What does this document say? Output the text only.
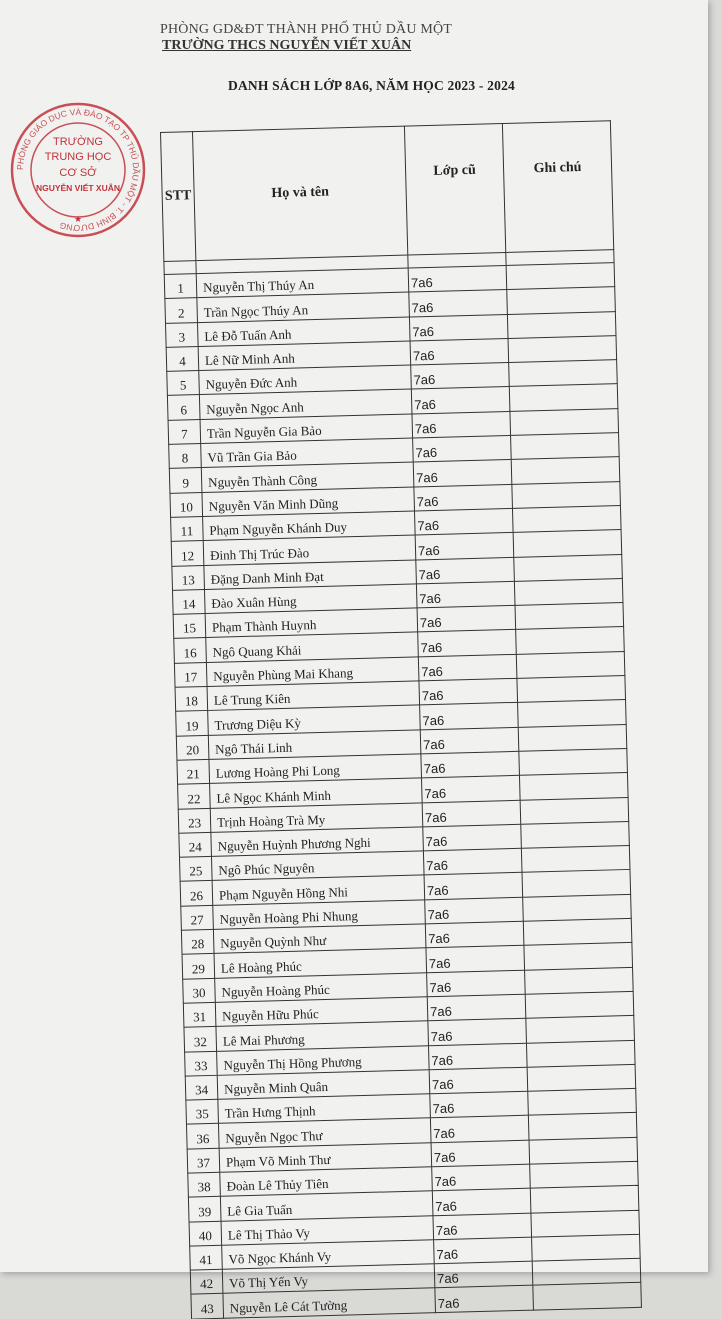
PHÒNG GD&ĐT THÀNH PHỐ THỦ DẦU MỘT
TRƯỜNG THCS NGUYỄN VIẾT XUÂN
DANH SÁCH LỚP 8A6, NĂM HỌC 2023 - 2024
PHÒNG GIÁO DỤC VÀ ĐÀO TẠO TP THỦ DẦU MỘT - T. BÌNH DƯƠNG
TRƯỜNG
TRUNG HỌC
CƠ SỞ
NGUYỄN VIẾT XUÂN
★
STT	Họ và tên	Lớp cũ	Ghi chú

1	Nguyễn Thị Thúy An	7a6	
2	Trần Ngọc Thúy An	7a6	
3	Lê Đỗ Tuấn Anh	7a6	
4	Lê Nữ Minh Anh	7a6	
5	Nguyễn Đức Anh	7a6	
6	Nguyễn Ngọc Anh	7a6	
7	Trần Nguyễn Gia Bảo	7a6	
8	Vũ Trần Gia Bảo	7a6	
9	Nguyễn Thành Công	7a6	
10	Nguyễn Văn Minh Dũng	7a6	
11	Phạm Nguyễn Khánh Duy	7a6	
12	Đinh Thị Trúc Đào	7a6	
13	Đặng Danh Minh Đạt	7a6	
14	Đào Xuân Hùng	7a6	
15	Phạm Thành Huynh	7a6	
16	Ngô Quang Khải	7a6	
17	Nguyễn Phùng Mai Khang	7a6	
18	Lê Trung Kiên	7a6	
19	Trương Diệu Kỳ	7a6	
20	Ngô Thái Linh	7a6	
21	Lương Hoàng Phi Long	7a6	
22	Lê Ngọc Khánh Minh	7a6	
23	Trịnh Hoàng Trà My	7a6	
24	Nguyễn Huỳnh Phương Nghi	7a6	
25	Ngô Phúc Nguyên	7a6	
26	Phạm Nguyễn Hồng Nhi	7a6	
27	Nguyễn Hoàng Phi Nhung	7a6	
28	Nguyễn Quỳnh Như	7a6	
29	Lê Hoàng Phúc	7a6	
30	Nguyễn Hoàng Phúc	7a6	
31	Nguyễn Hữu Phúc	7a6	
32	Lê Mai Phương	7a6	
33	Nguyễn Thị Hồng Phương	7a6	
34	Nguyễn Minh Quân	7a6	
35	Trần Hưng Thịnh	7a6	
36	Nguyễn Ngọc Thư	7a6	
37	Phạm Võ Minh Thư	7a6	
38	Đoàn Lê Thủy Tiên	7a6	
39	Lê Gia Tuấn	7a6	
40	Lê Thị Thảo Vy	7a6	
41	Võ Ngọc Khánh Vy	7a6	
42	Võ Thị Yến Vy	7a6	
43	Nguyễn Lê Cát Tường	7a6	
